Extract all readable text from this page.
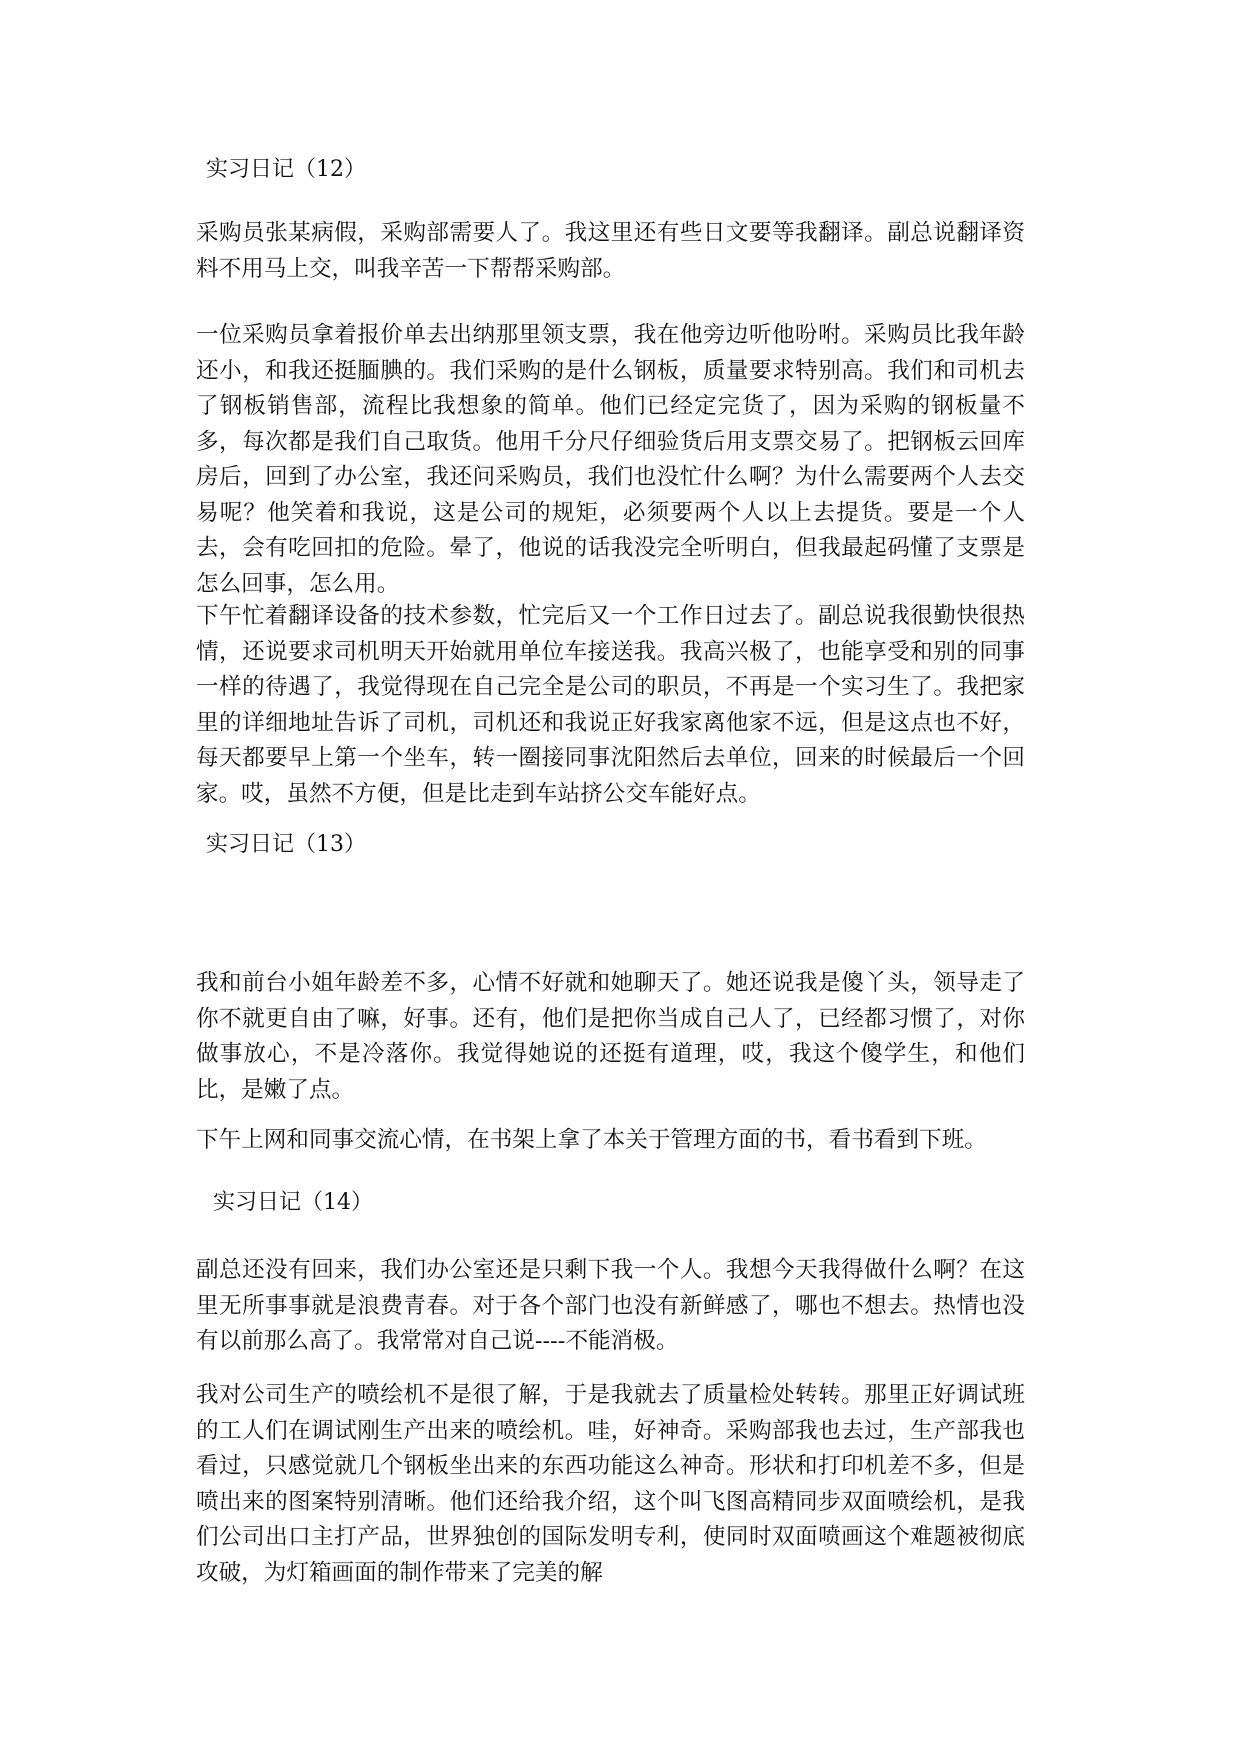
实习日记（12）

采购员张某病假，采购部需要人了。我这里还有些日文要等我翻译。副总说翻译资料不用马上交，叫我辛苦一下帮帮采购部。

一位采购员拿着报价单去出纳那里领支票，我在他旁边听他吩咐。采购员比我年龄还小，和我还挺腼腆的。我们采购的是什么钢板，质量要求特别高。我们和司机去了钢板销售部，流程比我想象的简单。他们已经定完货了，因为采购的钢板量不多，每次都是我们自己取货。他用千分尺仔细验货后用支票交易了。把钢板云回库房后，回到了办公室，我还问采购员，我们也没忙什么啊？为什么需要两个人去交易呢？他笑着和我说，这是公司的规矩，必须要两个人以上去提货。要是一个人去，会有吃回扣的危险。晕了，他说的话我没完全听明白，但我最起码懂了支票是怎么回事，怎么用。

下午忙着翻译设备的技术参数，忙完后又一个工作日过去了。副总说我很勤快很热情，还说要求司机明天开始就用单位车接送我。我高兴极了，也能享受和别的同事一样的待遇了，我觉得现在自己完全是公司的职员，不再是一个实习生了。我把家里的详细地址告诉了司机，司机还和我说正好我家离他家不远，但是这点也不好，每天都要早上第一个坐车，转一圈接同事沈阳然后去单位，回来的时候最后一个回家。哎，虽然不方便，但是比走到车站挤公交车能好点。

实习日记（13）

我和前台小姐年龄差不多，心情不好就和她聊天了。她还说我是傻丫头，领导走了你不就更自由了嘛，好事。还有，他们是把你当成自己人了，已经都习惯了，对你做事放心，不是冷落你。我觉得她说的还挺有道理，哎，我这个傻学生，和他们比，是嫩了点。

下午上网和同事交流心情，在书架上拿了本关于管理方面的书，看书看到下班。

实习日记（14）

副总还没有回来，我们办公室还是只剩下我一个人。我想今天我得做什么啊？在这里无所事事就是浪费青春。对于各个部门也没有新鲜感了，哪也不想去。热情也没有以前那么高了。我常常对自己说----不能消极。

我对公司生产的喷绘机不是很了解，于是我就去了质量检处转转。那里正好调试班的工人们在调试刚生产出来的喷绘机。哇，好神奇。采购部我也去过，生产部我也看过，只感觉就几个钢板坐出来的东西功能这么神奇。形状和打印机差不多，但是喷出来的图案特别清晰。他们还给我介绍，这个叫飞图高精同步双面喷绘机，是我们公司出口主打产品，世界独创的国际发明专利，使同时双面喷画这个难题被彻底攻破，为灯箱画面的制作带来了完美的解
